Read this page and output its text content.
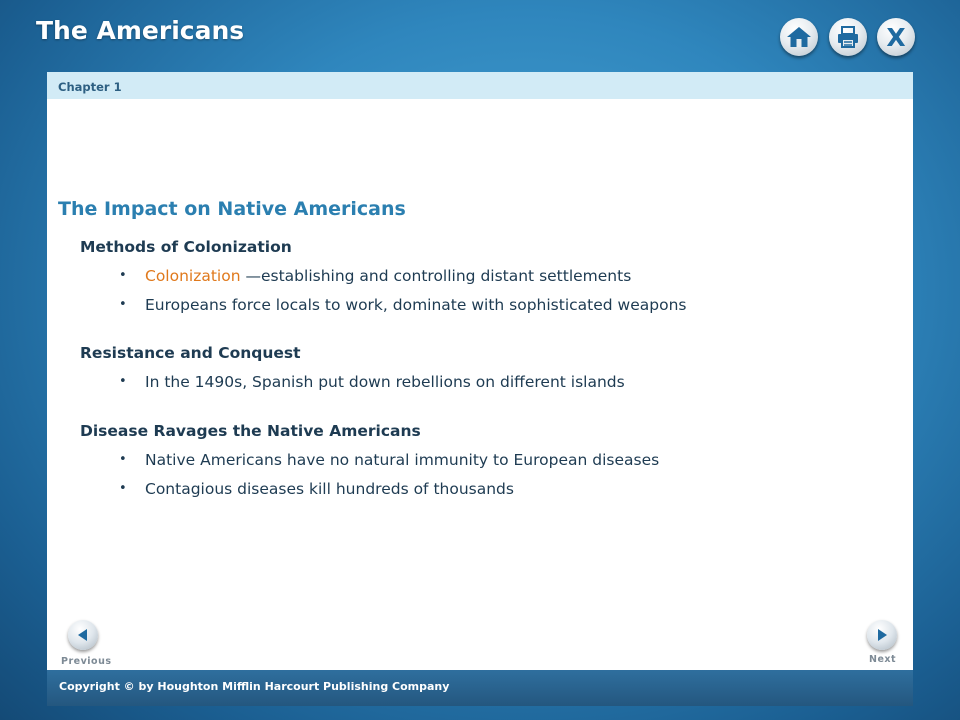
The Americans	X
Chapter 1
The Impact on Native Americans
Methods of Colonization
• Colonization —establishing and controlling distant settlements
• Europeans force locals to work, dominate with sophisticated weapons
Resistance and Conquest
• In the 1490s, Spanish put down rebellions on different islands
Disease Ravages the Native Americans
• Native Americans have no natural immunity to European diseases
• Contagious diseases kill hundreds of thousands
Previous	Next
Copyright © by Houghton Mifflin Harcourt Publishing Company
